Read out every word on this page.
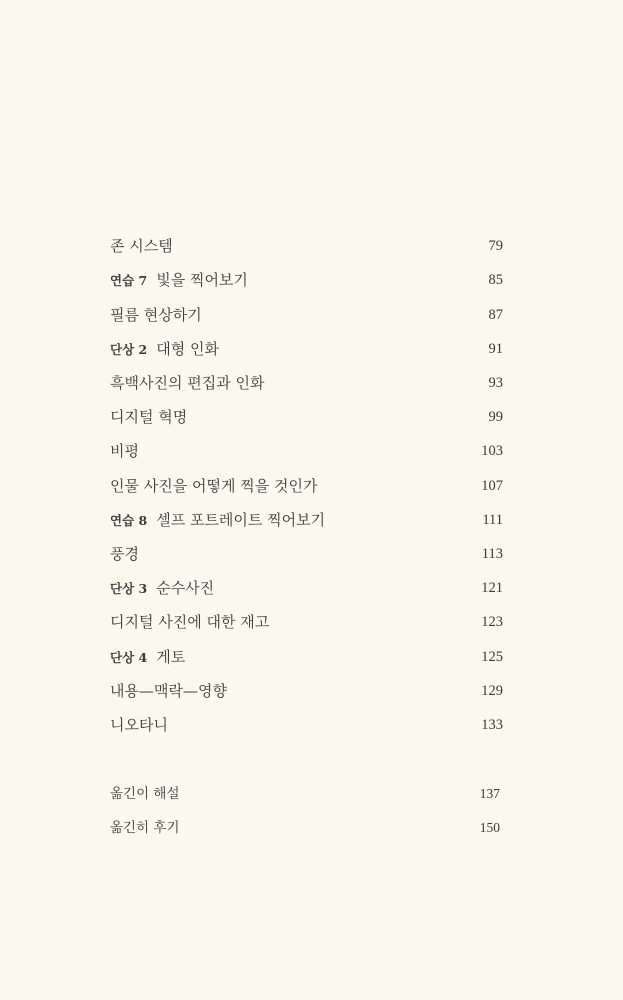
존 시스템	79
연습 7 빛을 찍어보기	85
필름 현상하기	87
단상 2 대형 인화	91
흑백사진의 편집과 인화	93
디지털 혁명	99
비평	103
인물 사진을 어떻게 찍을 것인가	107
연습 8 셀프 포트레이트 찍어보기	111
풍경	113
단상 3 순수사진	121
디지털 사진에 대한 재고	123
단상 4 게토	125
내용—맥락—영향	129
니오타니	133
옮긴이 해설	137
옮긴히 후기	150
